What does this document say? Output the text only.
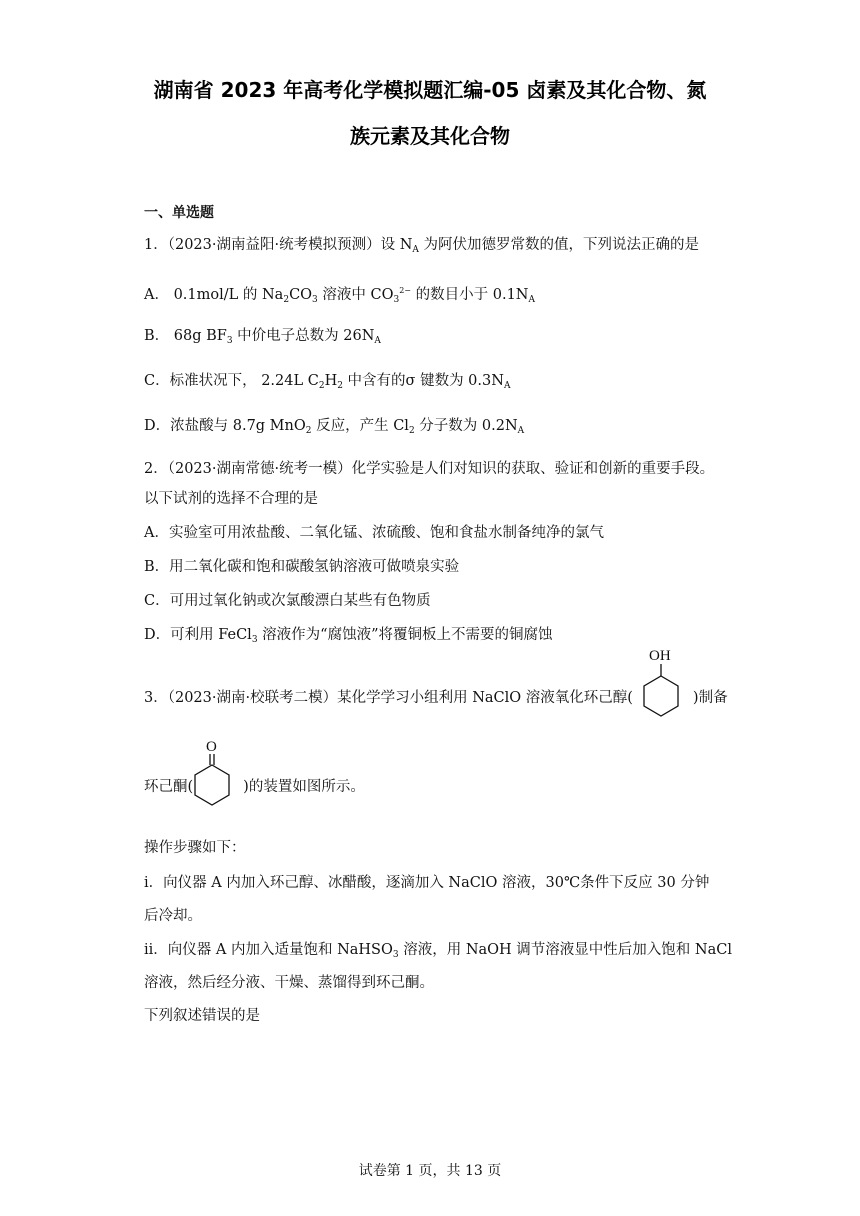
湖南省 2023 年高考化学模拟题汇编-05 卤素及其化合物、氮
族元素及其化合物
一、单选题
1．（2023·湖南益阳·统考模拟预测）设 $N_A$ 为阿伏加德罗常数的值，下列说法正确的是
A． 0.1mol/L 的 $Na_2CO_3$ 溶液中 $CO_3^{2-}$ 的数目小于 $0.1N_A$
B． 68g $BF_3$ 中价电子总数为 $26N_A$
C．标准状况下， 2.24L $C_2H_2$ 中含有的σ 键数为 $0.3N_A$
D．浓盐酸与 8.7g MnO$_2$ 反应，产生 $Cl_2$ 分子数为 $0.2N_A$
2．（2023·湖南常德·统考一模）化学实验是人们对知识的获取、验证和创新的重要手段。
以下试剂的选择不合理的是
A．实验室可用浓盐酸、二氧化锰、浓硫酸、饱和食盐水制备纯净的氯气
B．用二氧化碳和饱和碳酸氢钠溶液可做喷泉实验
C．可用过氧化钠或次氯酸漂白某些有色物质
D．可利用 FeCl$_3$ 溶液作为“腐蚀液”将覆铜板上不需要的铜腐蚀
3．（2023·湖南·校联考二模）某化学学习小组利用 NaClO 溶液氧化环己醇(
OH
)制备
环己酮(
O
)的装置如图所示。
操作步骤如下：
i．向仪器 A 内加入环己醇、冰醋酸，逐滴加入 NaClO 溶液，30℃条件下反应 30 分钟
后冷却。
ii．向仪器 A 内加入适量饱和 NaHSO$_3$ 溶液，用 NaOH 调节溶液显中性后加入饱和 NaCl
溶液，然后经分液、干燥、蒸馏得到环己酮。
下列叙述错误的是
试卷第 1 页，共 13 页
